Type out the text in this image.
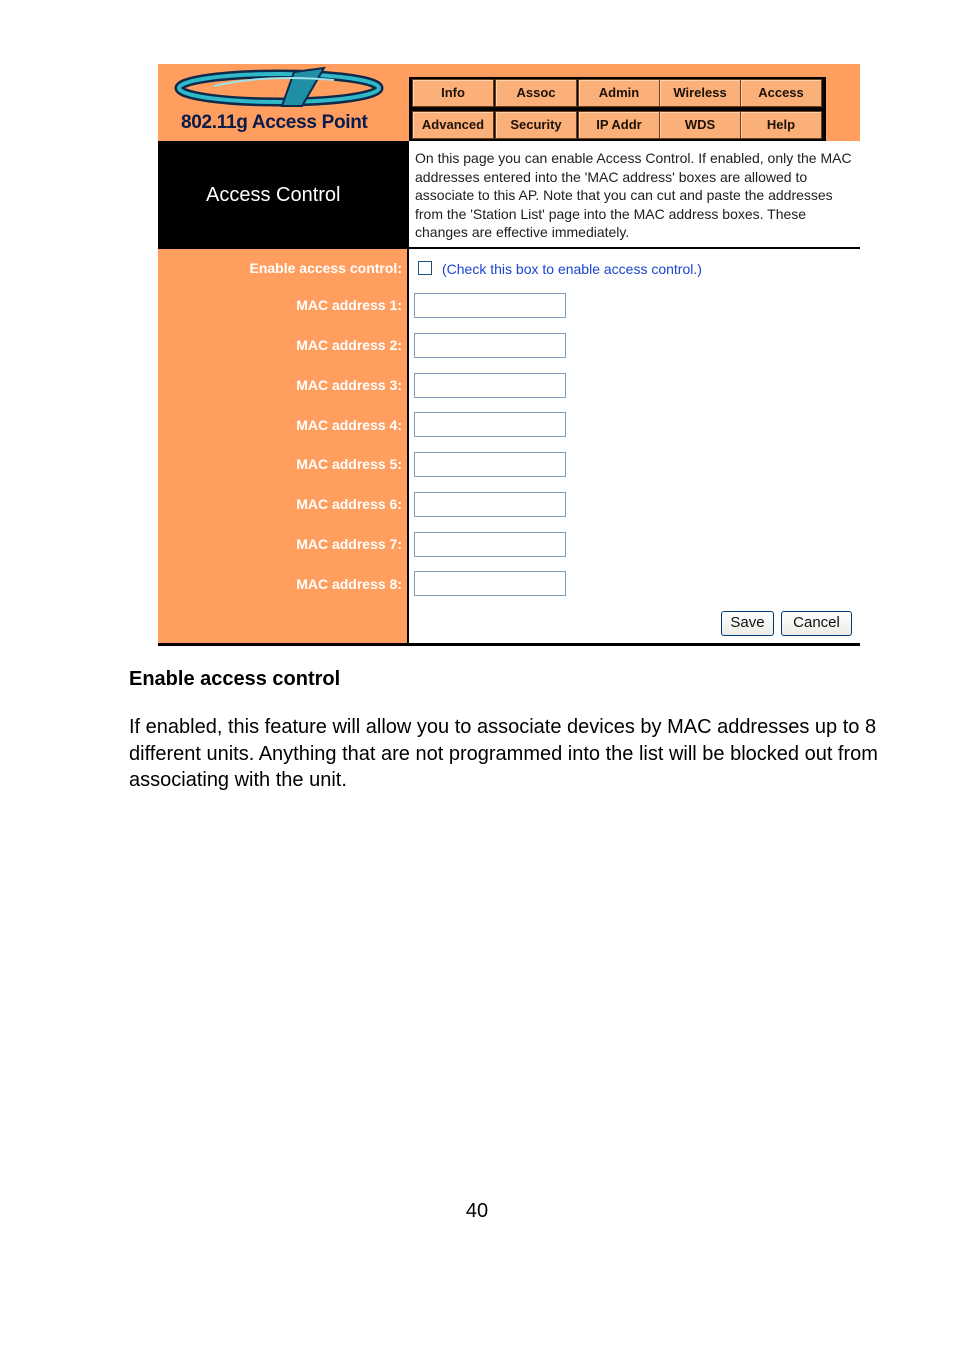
802.11g Access Point
Info	Assoc	Admin	Wireless	Access
Advanced	Security	IP Addr	WDS	Help
Access Control

On this page you can enable Access Control. If enabled, only the MAC addresses entered into the 'MAC address' boxes are allowed to associate to this AP. Note that you can cut and paste the addresses from the 'Station List' page into the MAC address boxes. These changes are effective immediately.

Enable access control:	(Check this box to enable access control.)
MAC address 1:
MAC address 2:
MAC address 3:
MAC address 4:
MAC address 5:
MAC address 6:
MAC address 7:
MAC address 8:
Save	Cancel
Enable access control

If enabled, this feature will allow you to associate devices by MAC addresses up to 8 different units. Anything that are not programmed into the list will be blocked out from associating with the unit.

40
